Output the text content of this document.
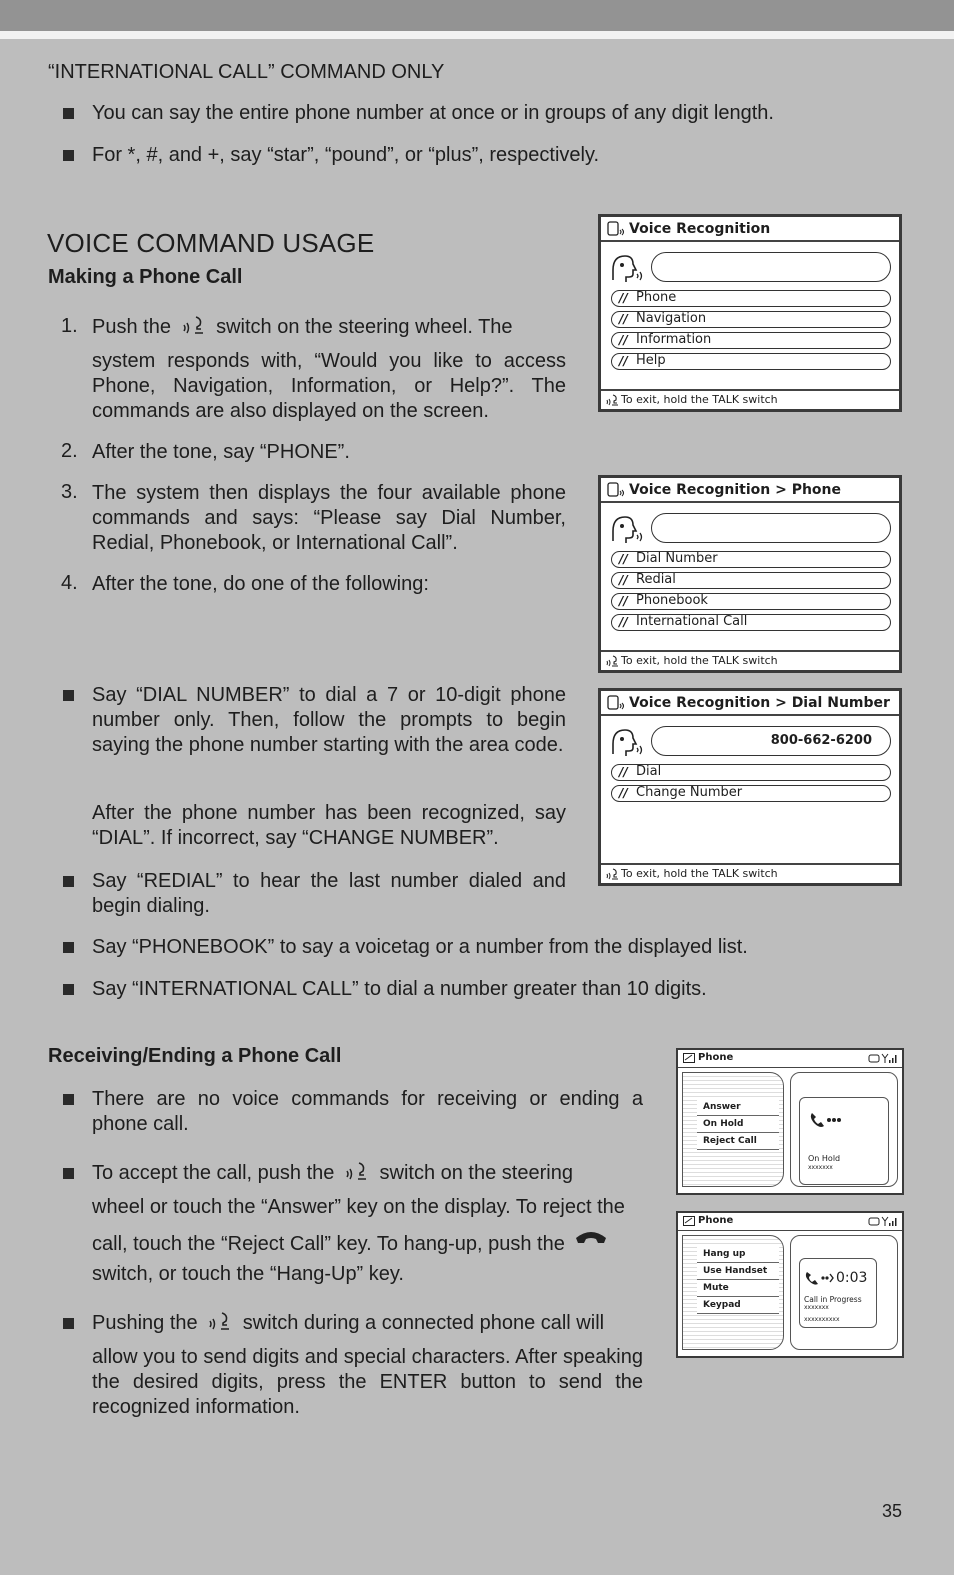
“INTERNATIONAL CALL” COMMAND ONLY
You can say the entire phone number at once or in groups of any digit length.
For *, #, and +, say “star”, “pound”, or “plus”, respectively.
VOICE COMMAND USAGE
Making a Phone Call
1. Push the switch on the steering wheel. The
system responds with, “Would you like to access Phone, Navigation, Information, or Help?”. The commands are also displayed on the screen.
2. After the tone, say “PHONE”.
3. The system then displays the four available phone commands and says: “Please say Dial Number, Redial, Phonebook, or International Call”.
4. After the tone, do one of the following:
Say “DIAL NUMBER” to dial a 7 or 10-digit phone number only. Then, follow the prompts to begin saying the phone number starting with the area code.
After the phone number has been recognized, say “DIAL”. If incorrect, say “CHANGE NUMBER”.
Say “REDIAL” to hear the last number dialed and begin dialing.
Say “PHONEBOOK” to say a voicetag or a number from the displayed list.
Say “INTERNATIONAL CALL” to dial a number greater than 10 digits.
Receiving/Ending a Phone Call
There are no voice commands for receiving or ending a phone call.
To accept the call, push the switch on the steering
wheel or touch the “Answer” key on the display. To reject the
call, touch the “Reject Call” key. To hang-up, push the
switch, or touch the “Hang-Up” key.
Pushing the switch during a connected phone call will
allow you to send digits and special characters. After speaking the desired digits, press the ENTER button to send the recognized information.
Voice Recognition
// Phone
// Navigation
// Information
// Help
To exit, hold the TALK switch
Voice Recognition > Phone
// Dial Number
// Redial
// Phonebook
// International Call
To exit, hold the TALK switch
Voice Recognition > Dial Number
800-662-6200
// Dial
// Change Number
To exit, hold the TALK switch
Phone
Answer
On Hold
Reject Call
On Hold
xxxxxxx
Phone
Hang up
Use Handset
Mute
Keypad
0:03
Call in Progress
xxxxxxx
xxxxxxxxxx
35
